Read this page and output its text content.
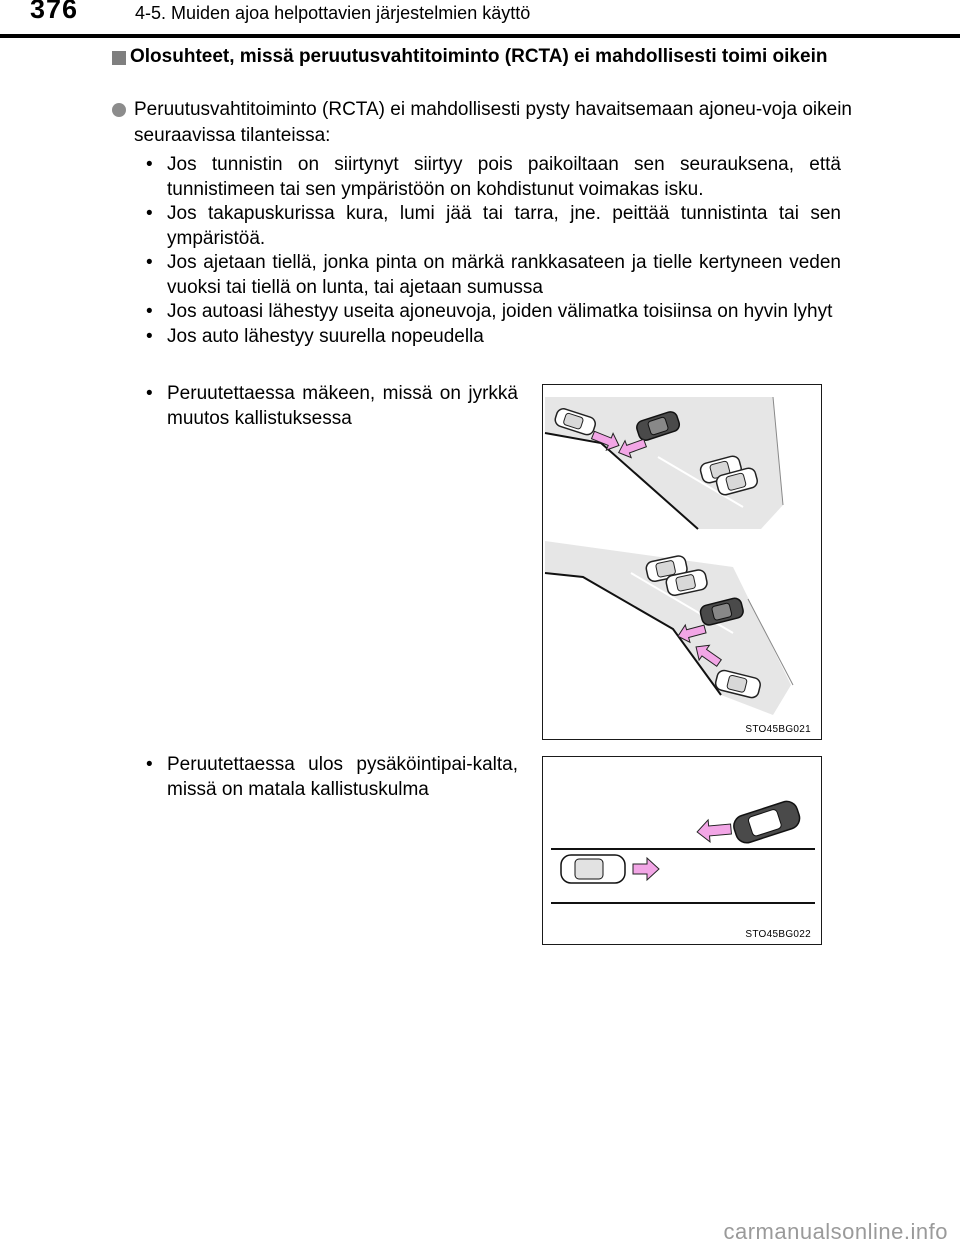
376	4-5. Muiden ajoa helpottavien järjestelmien käyttö
Olosuhteet, missä peruutusvahtitoiminto (RCTA) ei mahdollisesti toimi oikein
Peruutusvahtitoiminto (RCTA) ei mahdollisesti pysty havaitsemaan ajoneu-voja oikein seuraavissa tilanteissa:
• Jos tunnistin on siirtynyt siirtyy pois paikoiltaan sen seurauksena, että tunnistimeen tai sen ympäristöön on kohdistunut voimakas isku.
• Jos takapuskurissa kura, lumi jää tai tarra, jne. peittää tunnistinta tai sen ympäristöä.
• Jos ajetaan tiellä, jonka pinta on märkä rankkasateen ja tielle kertyneen veden vuoksi tai tiellä on lunta, tai ajetaan sumussa
• Jos autoasi lähestyy useita ajoneuvoja, joiden välimatka toisiinsa on hyvin lyhyt
• Jos auto lähestyy suurella nopeudella
• Peruutettaessa mäkeen, missä on jyrkkä muutos kallistuksessa
STO45BG021
• Peruutettaessa ulos pysäköintipai-kalta, missä on matala kallistuskulma
STO45BG022
carmanualsonline.info
